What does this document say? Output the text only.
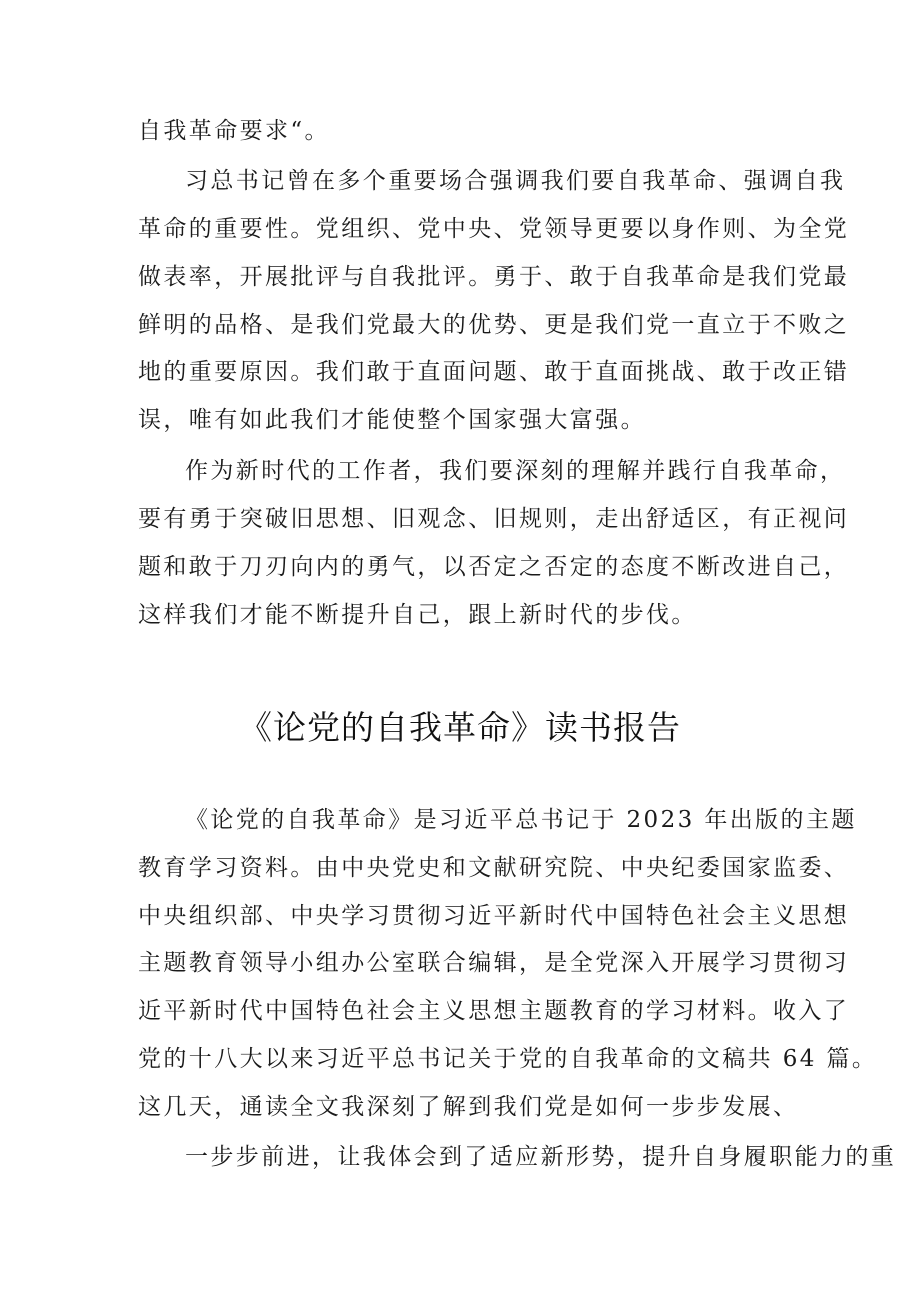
自我革命要求“。
习总书记曾在多个重要场合强调我们要自我革命、强调自我
革命的重要性。党组织、党中央、党领导更要以身作则、为全党
做表率，开展批评与自我批评。勇于、敢于自我革命是我们党最
鲜明的品格、是我们党最大的优势、更是我们党一直立于不败之
地的重要原因。我们敢于直面问题、敢于直面挑战、敢于改正错
误，唯有如此我们才能使整个国家强大富强。
作为新时代的工作者，我们要深刻的理解并践行自我革命，
要有勇于突破旧思想、旧观念、旧规则，走出舒适区，有正视问
题和敢于刀刃向内的勇气，以否定之否定的态度不断改进自己，
这样我们才能不断提升自己，跟上新时代的步伐。
《论党的自我革命》读书报告
《论党的自我革命》是习近平总书记于 2023 年出版的主题
教育学习资料。由中央党史和文献研究院、中央纪委国家监委、
中央组织部、中央学习贯彻习近平新时代中国特色社会主义思想
主题教育领导小组办公室联合编辑，是全党深入开展学习贯彻习
近平新时代中国特色社会主义思想主题教育的学习材料。收入了
党的十八大以来习近平总书记关于党的自我革命的文稿共 64 篇。
这几天，通读全文我深刻了解到我们党是如何一步步发展、
一步步前进，让我体会到了适应新形势，提升自身履职能力的重
